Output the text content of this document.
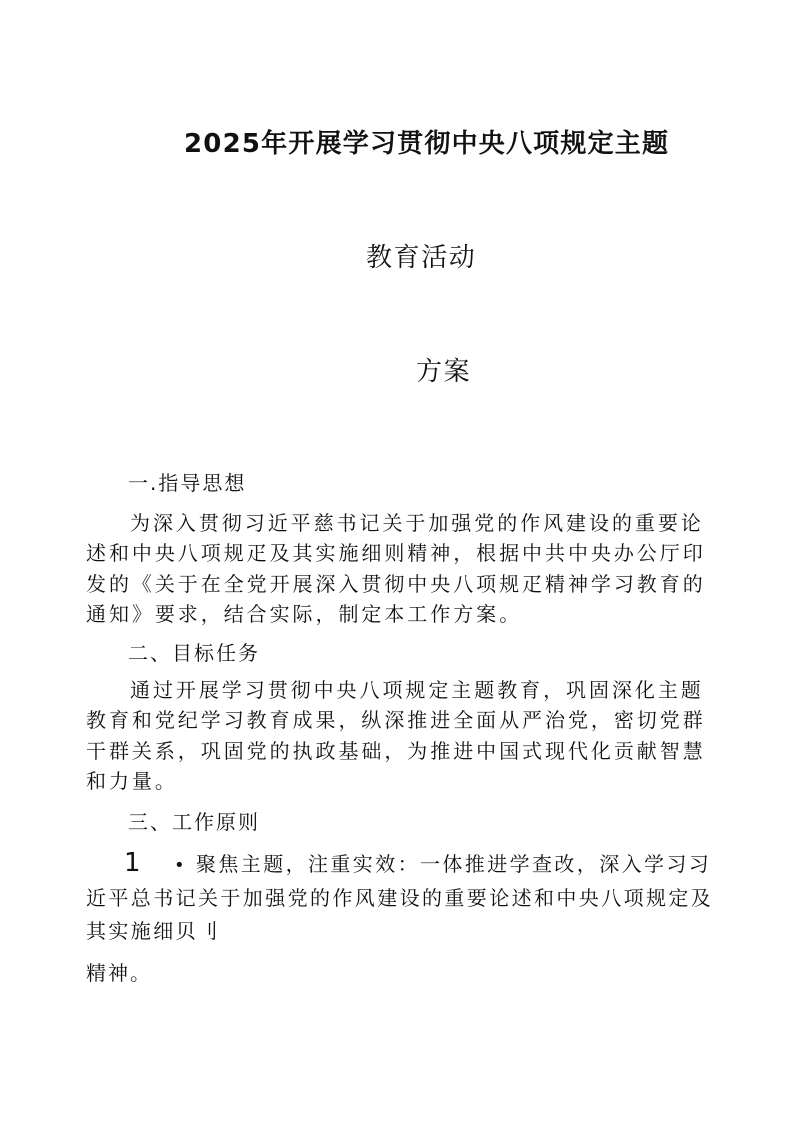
2025年开展学习贯彻中央八项规定主题
教育活动
方案
一.指导思想

为深入贯彻习近平慈书记关于加强党的作风建设的重要论述和中央八项规疋及其实施细则精神，根据中共中央办公厅印发的《关于在全党开展深入贯彻中央八项规疋精神学习教育的通知》要求，结合实际，制定本工作方案。

二、目标任务

通过开展学习贯彻中央八项规定主题教育，巩固深化主题教育和党纪学习教育成果，纵深推进全面从严治党，密切党群干群关系，巩固党的执政基础，为推进中国式现代化贡献智慧和力量。

三、工作原则

1 • 聚焦主题，注重实效：一体推进学查改，深入学习习近平总书记关于加强党的作风建设的重要论述和中央八项规定及其实施细贝刂

精神。
